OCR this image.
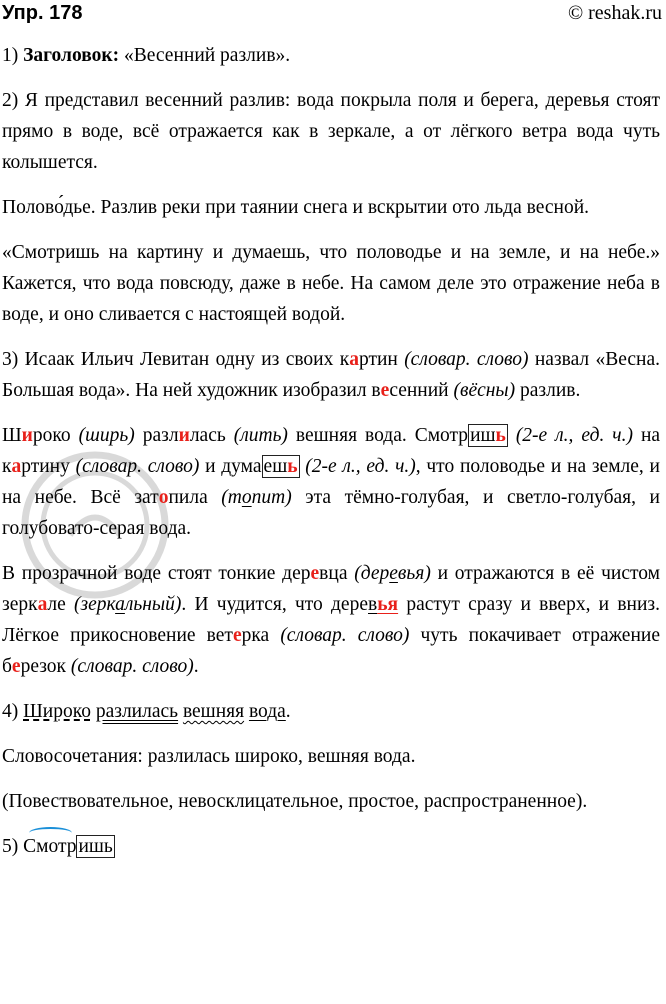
Упр. 178	© reshak.ru

1) Заголовок: «Весенний разлив».

2) Я представил весенний разлив: вода покрыла поля и берега, деревья стоят прямо в воде, всё отражается как в зеркале, а от лёгкого ветра вода чуть колышется.

Половодье. Разлив реки при таянии снега и вскрытии ото льда весной.

«Смотришь на картину и думаешь, что половодье и на земле, и на небе.» Кажется, что вода повсюду, даже в небе. На самом деле это отражение неба в воде, и оно сливается с настоящей водой.

3) Исаак Ильич Левитан одну из своих картин (словар. слово) назвал «Весна. Большая вода». На ней художник изобразил весенний (вёсны) разлив.

Широко (ширь) разлилась (лить) вешняя вода. Смотр ишь (2-е л., ед. ч.) на картину (словар. слово) и дума ешь (2-е л., ед. ч.), что половодье и на земле, и на небе. Всё затопила (топит) эта тёмно-голубая, и светло-голубая, и голубовато-серая вода.

В прозрачной воде стоят тонкие деревца (деревья) и отражаются в её чистом зеркале (зеркальный). И чудится, что деревья растут сразу и вверх, и вниз. Лёгкое прикосновение ветерка (словар. слово) чуть покачивает отражение березок (словар. слово).

4) Широко разлилась вешняя вода.

Словосочетания: разлилась широко, вешняя вода.

(Повествовательное, невосклицательное, простое, распространенное).

5) Смотр ишь
